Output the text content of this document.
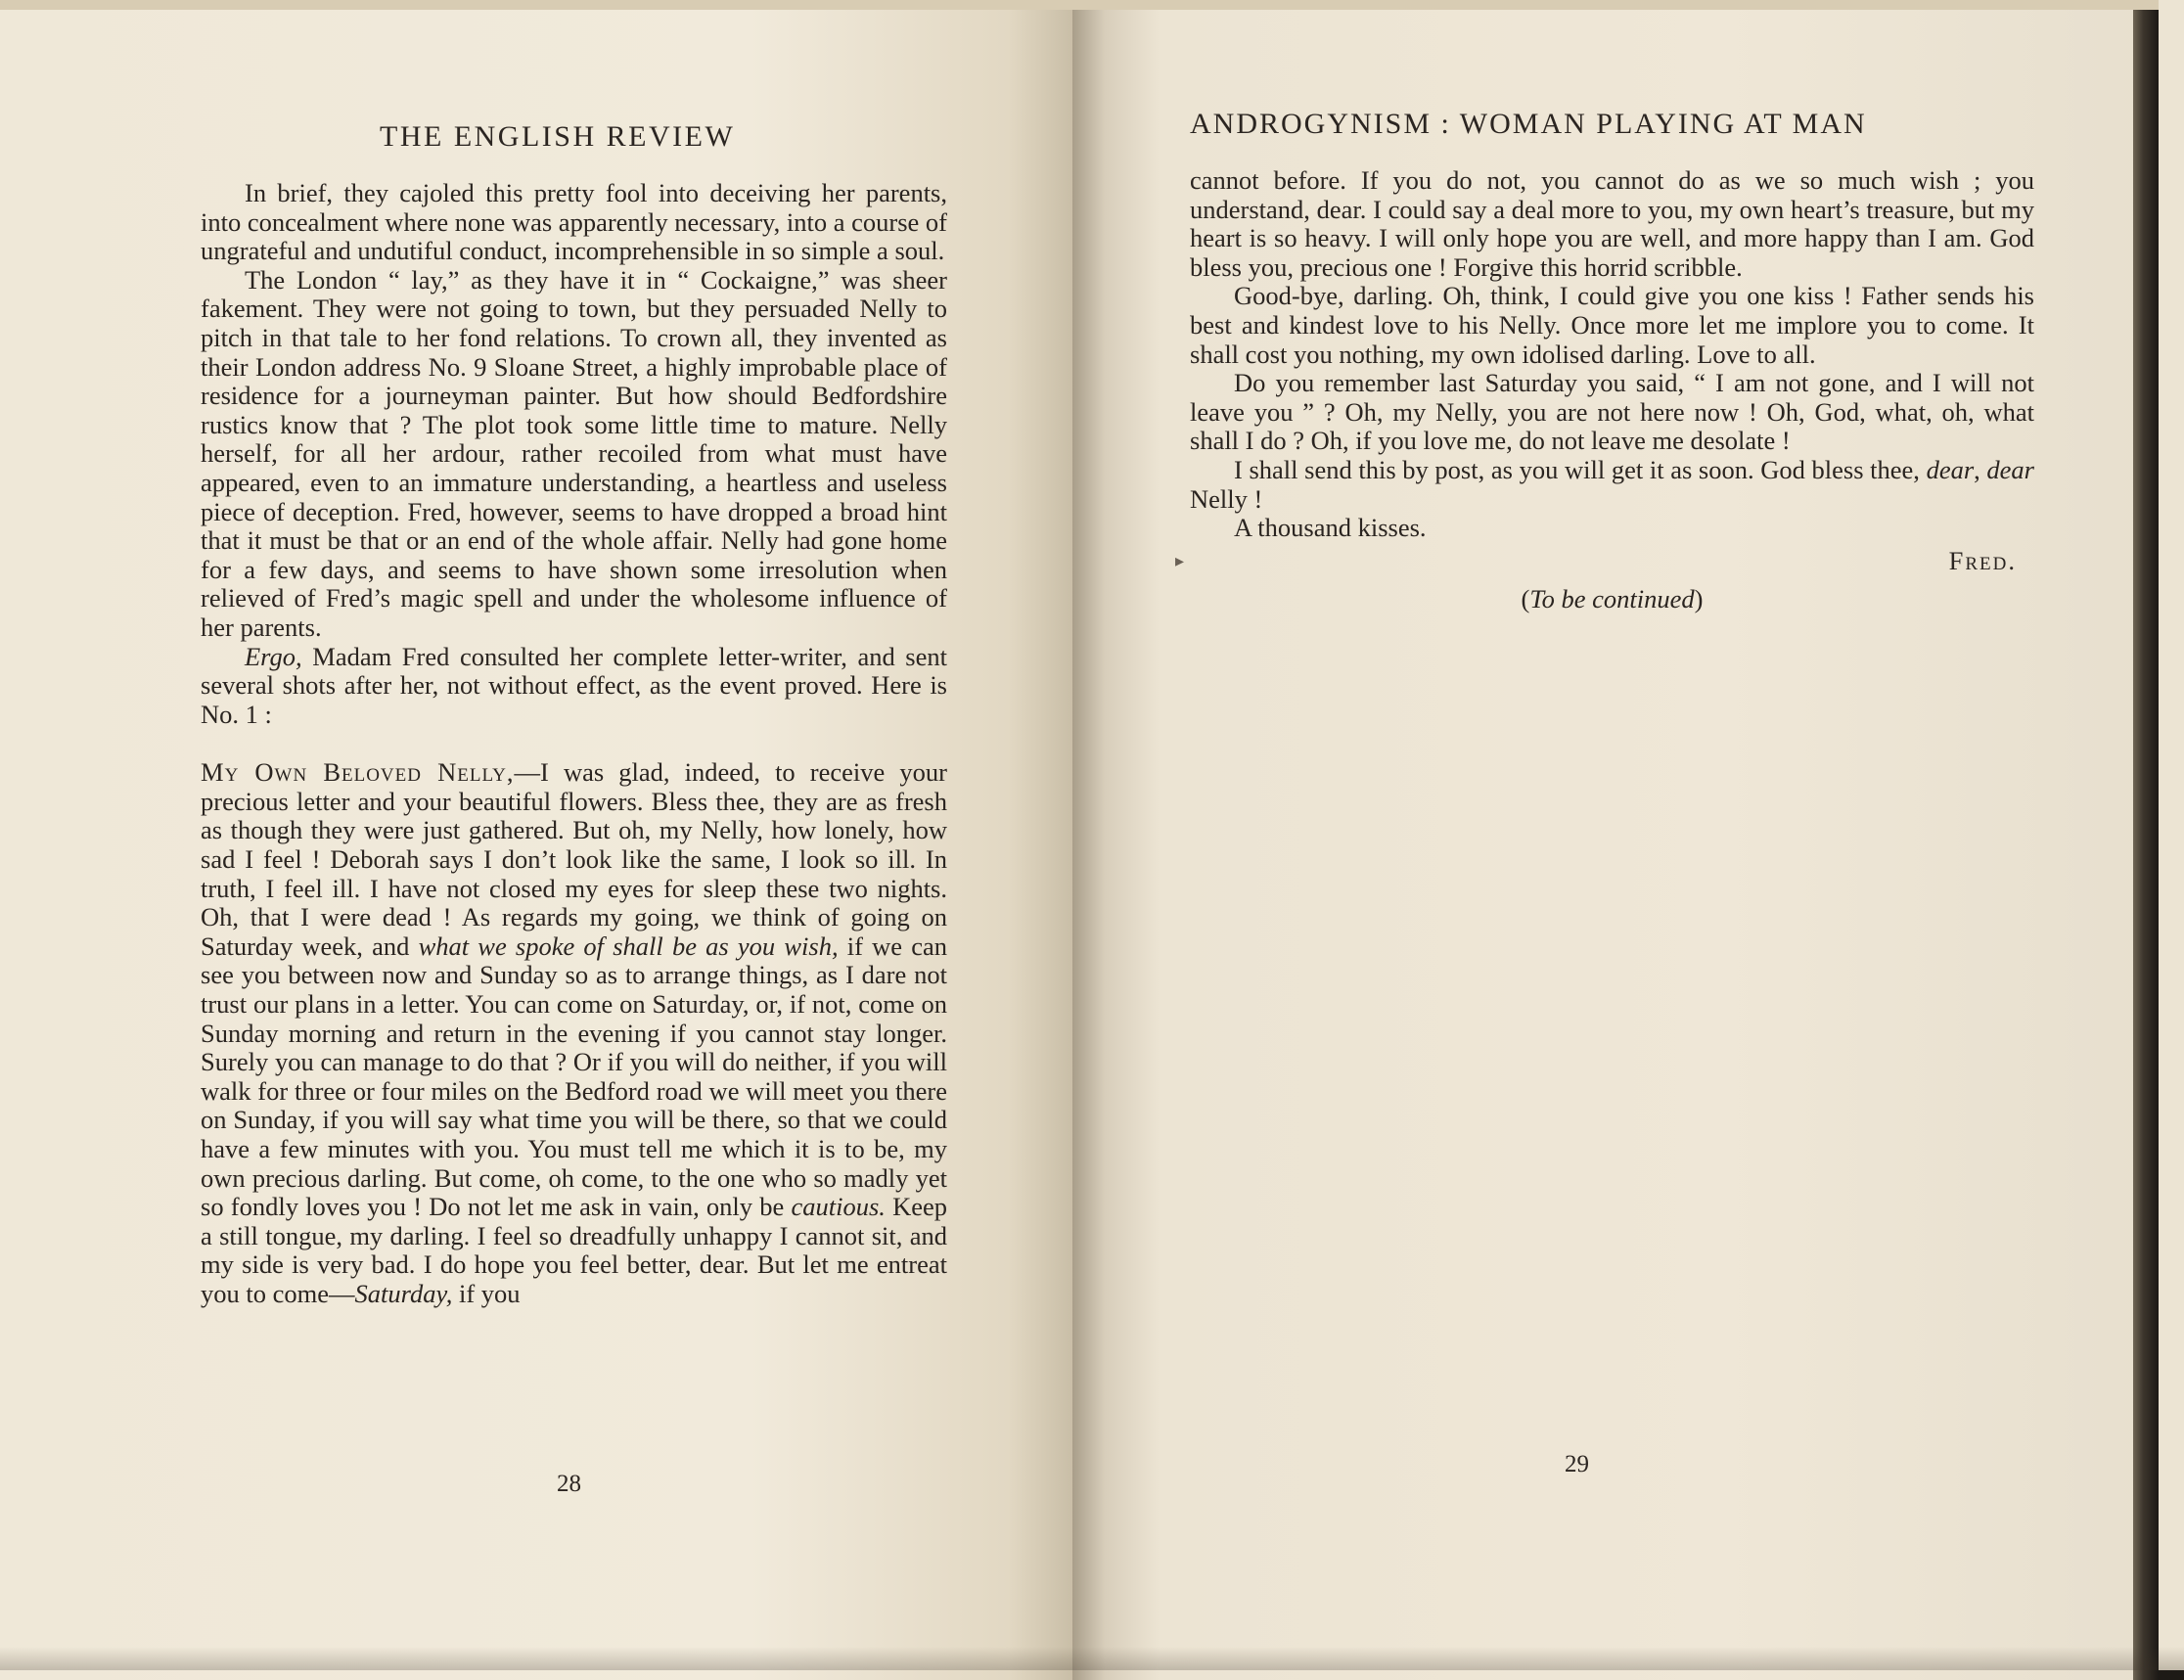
THE ENGLISH REVIEW

In brief, they cajoled this pretty fool into deceiving her parents, into concealment where none was apparently necessary, into a course of ungrateful and undutiful conduct, incomprehensible in so simple a soul.

The London “ lay,” as they have it in “ Cockaigne,” was sheer fakement. They were not going to town, but they persuaded Nelly to pitch in that tale to her fond relations. To crown all, they invented as their London address No. 9 Sloane Street, a highly improbable place of residence for a journeyman painter. But how should Bedfordshire rustics know that ? The plot took some little time to mature. Nelly herself, for all her ardour, rather recoiled from what must have appeared, even to an immature understanding, a heartless and useless piece of deception. Fred, however, seems to have dropped a broad hint that it must be that or an end of the whole affair. Nelly had gone home for a few days, and seems to have shown some irresolution when relieved of Fred’s magic spell and under the wholesome influence of her parents.

Ergo, Madam Fred consulted her complete letter-writer, and sent several shots after her, not without effect, as the event proved. Here is No. 1 :

My Own Beloved Nelly,—I was glad, indeed, to receive your precious letter and your beautiful flowers. Bless thee, they are as fresh as though they were just gathered. But oh, my Nelly, how lonely, how sad I feel ! Deborah says I don’t look like the same, I look so ill. In truth, I feel ill. I have not closed my eyes for sleep these two nights. Oh, that I were dead ! As regards my going, we think of going on Saturday week, and what we spoke of shall be as you wish, if we can see you between now and Sunday so as to arrange things, as I dare not trust our plans in a letter. You can come on Saturday, or, if not, come on Sunday morning and return in the evening if you cannot stay longer. Surely you can manage to do that ? Or if you will do neither, if you will walk for three or four miles on the Bedford road we will meet you there on Sunday, if you will say what time you will be there, so that we could have a few minutes with you. You must tell me which it is to be, my own precious darling. But come, oh come, to the one who so madly yet so fondly loves you ! Do not let me ask in vain, only be cautious. Keep a still tongue, my darling. I feel so dreadfully unhappy I cannot sit, and my side is very bad. I do hope you feel better, dear. But let me entreat you to come—Saturday, if you

28
ANDROGYNISM : WOMAN PLAYING AT MAN
▸

cannot before. If you do not, you cannot do as we so much wish ; you understand, dear. I could say a deal more to you, my own heart’s treasure, but my heart is so heavy. I will only hope you are well, and more happy than I am. God bless you, precious one ! Forgive this horrid scribble.

Good-bye, darling. Oh, think, I could give you one kiss ! Father sends his best and kindest love to his Nelly. Once more let me implore you to come. It shall cost you nothing, my own idolised darling. Love to all.

Do you remember last Saturday you said, “ I am not gone, and I will not leave you ” ? Oh, my Nelly, you are not here now ! Oh, God, what, oh, what shall I do ? Oh, if you love me, do not leave me desolate !

I shall send this by post, as you will get it as soon. God bless thee, dear, dear Nelly !

A thousand kisses.

Fred.

(To be continued)

29
